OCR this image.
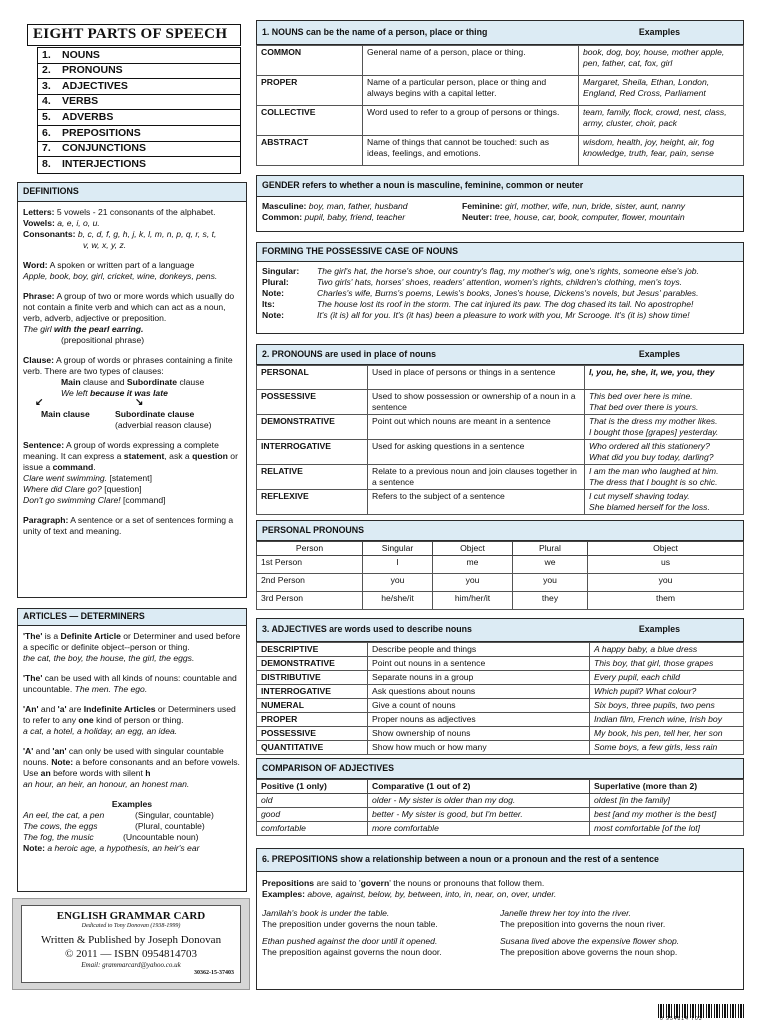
EIGHT PARTS OF SPEECH
1.	NOUNS
2.	PRONOUNS
3.	ADJECTIVES
4.	VERBS
5.	ADVERBS
6.	PREPOSITIONS
7.	CONJUNCTIONS
8.	INTERJECTIONS
DEFINITIONS
Letters: 5 vowels - 21 consonants of the alphabet.
Vowels: a, e, i, o, u.
Consonants: b, c, d, f, g, h, j, k, l, m, n, p, q, r, s, t,
v, w, x, y, z.
Word: A spoken or written part of a language
Apple, book, boy, girl, cricket, wine, donkeys, pens.
Phrase: A group of two or more words which usually do not contain a finite verb and which can act as a noun, verb, adverb, adjective or preposition.
The girl with the pearl earring.
(prepositional phrase)
Clause: A group of words or phrases containing a finite verb. There are two types of clauses:
Main clause and Subordinate clause
We left because it was late
↙	↘
Main clause	Subordinate clause
(adverbial reason clause)
Sentence: A group of words expressing a complete meaning. It can express a statement, ask a question or issue a command.
Clare went swimming. [statement]
Where did Clare go? [question]
Don't go swimming Clare! [command]
Paragraph: A sentence or a set of sentences forming a unity of text and meaning.
ARTICLES — DETERMINERS
'The' is a Definite Article or Determiner and used before a specific or definite object--person or thing.
the cat, the boy, the house, the girl, the eggs.
'The' can be used with all kinds of nouns: countable and uncountable. The men. The ego.
'An' and 'a' are Indefinite Articles or Determiners used to refer to any one kind of person or thing.
a cat, a hotel, a holiday, an egg, an idea.
'A' and 'an' can only be used with singular countable nouns. Note: a before consonants and an before vowels. Use an before words with silent h
an hour, an heir, an honour, an honest man.
Examples
An eel, the cat, a pen	(Singular, countable)
The cows, the eggs	(Plural, countable)
The fog, the music	(Uncountable noun)
Note: a heroic age, a hypothesis, an heir's ear
ENGLISH GRAMMAR CARD
Dedicated to Tony Donovan (1938-1999)
Written & Published by Joseph Donovan
© 2011 — ISBN 0954814703
Email: grammarcard@yahoo.co.uk
30362-15-37403
1. NOUNS can be the name of a person, place or thing	Examples
COMMON	General name of a person, place or thing.	book, dog, boy, house, mother apple, pen, father, cat, fox, girl
PROPER	Name of a particular person, place or thing and always begins with a capital letter.	Margaret, Sheila, Ethan, London, England, Red Cross, Parliament
COLLECTIVE	Word used to refer to a group of persons or things.	team, family, flock, crowd, nest, class, army, cluster, choir, pack
ABSTRACT	Name of things that cannot be touched: such as ideas, feelings, and emotions.	wisdom, health, joy, height, air, fog knowledge, truth, fear, pain, sense
GENDER refers to whether a noun is masculine, feminine, common or neuter
Masculine: boy, man, father, husband	Feminine: girl, mother, wife, nun, bride, sister, aunt, nanny
Common: pupil, baby, friend, teacher	Neuter: tree, house, car, book, computer, flower, mountain
FORMING THE POSSESSIVE CASE OF NOUNS
Singular:	The girl's hat, the horse's shoe, our country's flag, my mother's wig, one's rights, someone else's job.
Plural:	Two girls' hats, horses' shoes, readers' attention, women's rights, children's clothing, men's toys.
Note:	Charles's wife, Burns's poems, Lewis's books, Jones's house, Dickens's novels, but Jesus' parables.
Its:	The house lost its roof in the storm. The cat injured its paw. The dog chased its tail. No apostrophe!
Note:	It's (it is) all for you. It's (it has) been a pleasure to work with you, Mr Scrooge. It's (it is) show time!
2. PRONOUNS are used in place of nouns	Examples
PERSONAL	Used in place of persons or things in a sentence	I, you, he, she, it, we, you, they

POSSESSIVE	Used to show possession or ownership of a noun in a sentence	This bed over here is mine.
That bed over there is yours.

DEMONSTRATIVE	Point out which nouns are meant in a sentence	That is the dress my mother likes.
I bought those [grapes] yesterday.

INTERROGATIVE	Used for asking questions in a sentence	Who ordered all this stationery?
What did you buy today, darling?

RELATIVE	Relate to a previous noun and join clauses together in a sentence	I am the man who laughed at him.
The dress that I bought is so chic.

REFLEXIVE	Refers to the subject of a sentence	I cut myself shaving today.
She blamed herself for the loss.
PERSONAL PRONOUNS
Person	Singular	Object	Plural	Object
1st Person	I	me	we	us
2nd Person	you	you	you	you
3rd Person	he/she/it	him/her/it	they	them
3. ADJECTIVES are words used to describe nouns	Examples
DESCRIPTIVE	Describe people and things	A happy baby, a blue dress
DEMONSTRATIVE	Point out nouns in a sentence	This boy, that girl, those grapes
DISTRIBUTIVE	Separate nouns in a group	Every pupil, each child
INTERROGATIVE	Ask questions about nouns	Which pupil? What colour?
NUMERAL	Give a count of nouns	Six boys, three pupils, two pens
PROPER	Proper nouns as adjectives	Indian film, French wine, Irish boy
POSSESSIVE	Show ownership of nouns	My book, his pen, tell her, her son
QUANTITATIVE	Show how much or how many	Some boys, a few girls, less rain
COMPARISON OF ADJECTIVES
Positive (1 only)	Comparative (1 out of 2)	Superlative (more than 2)
old	older - My sister is older than my dog.	oldest [in the family]
good	better - My sister is good, but I'm better.	best [and my mother is the best]
comfortable	more comfortable	most comfortable [of the lot]
6. PREPOSITIONS show a relationship between a noun or a pronoun and the rest of a sentence
Prepositions are said to 'govern' the nouns or pronouns that follow them.
Examples: above, against, below, by, between, into, in, near, on, over, under.
Jamilah's book is under the table.
The preposition under governs the noun table.
Ethan pushed against the door until it opened.
The preposition against governs the noun door.
Janelle threw her toy into the river.
The preposition into governs the noun river.
Susana lived above the expensive flower shop.
The preposition above governs the noun shop.
0 954814 703
